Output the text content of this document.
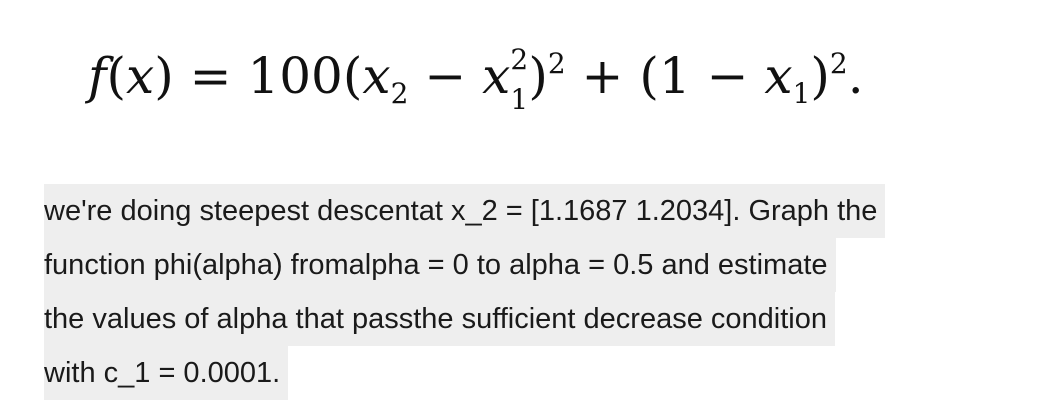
$f(x) = 100(x_2 - x$ 2
1 )$^2 + (1 - x_1)^2$.
we're doing steepest descentat x_2 = [1.1687 1.2034]. Graph the
function phi(alpha) fromalpha = 0 to alpha = 0.5 and estimate
the values of alpha that passthe sufficient decrease condition
with c_1 = 0.0001.
